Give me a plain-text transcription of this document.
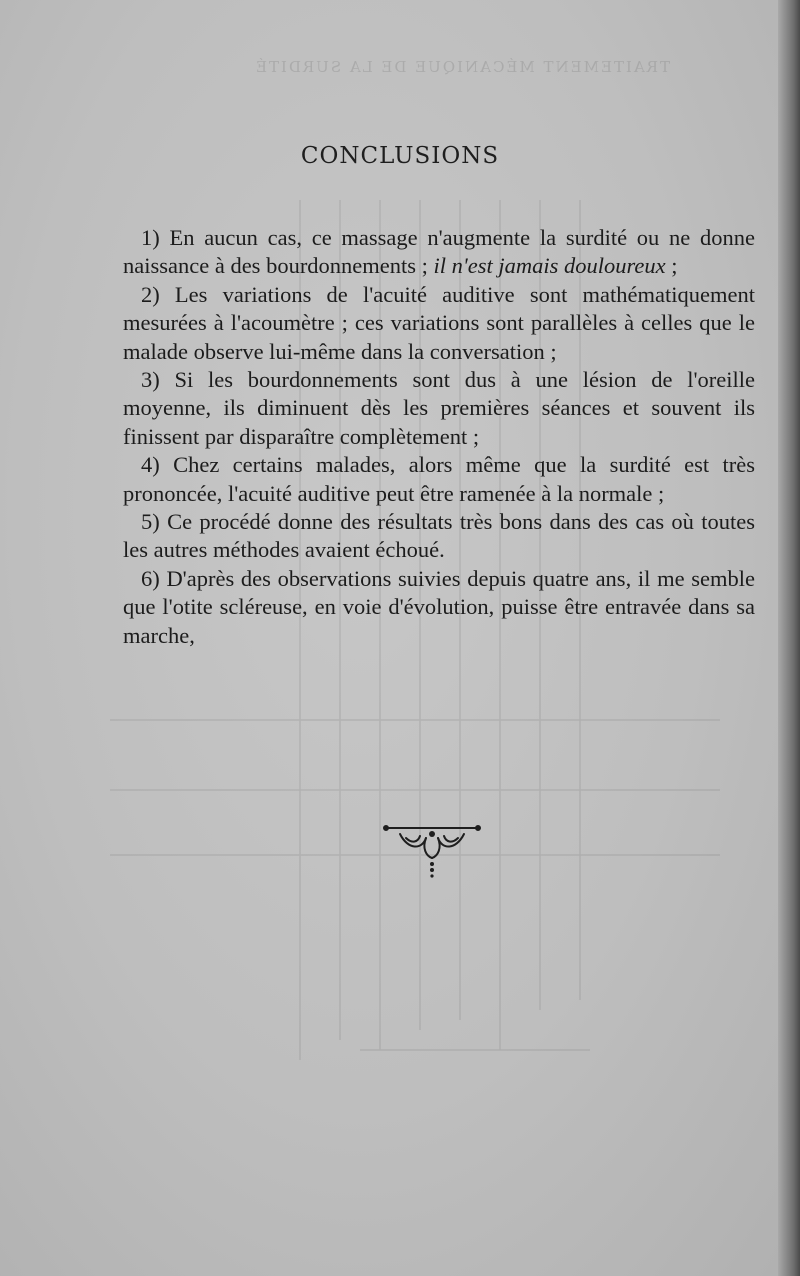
TRAITEMENT MÉCANIQUE DE LA SURDITÉ
CONCLUSIONS

1) En aucun cas, ce massage n'augmente la surdité ou ne donne naissance à des bourdonnements ; il n'est jamais douloureux ;

2) Les variations de l'acuité auditive sont mathématiquement mesurées à l'acoumètre ; ces variations sont parallèles à celles que le malade observe lui-même dans la conversation ;

3) Si les bourdonnements sont dus à une lésion de l'oreille moyenne, ils diminuent dès les premières séances et souvent ils finissent par disparaître complètement ;

4) Chez certains malades, alors même que la surdité est très prononcée, l'acuité auditive peut être ramenée à la normale ;

5) Ce procédé donne des résultats très bons dans des cas où toutes les autres méthodes avaient échoué.

6) D'après des observations suivies depuis quatre ans, il me semble que l'otite scléreuse, en voie d'évolution, puisse être entravée dans sa marche,
